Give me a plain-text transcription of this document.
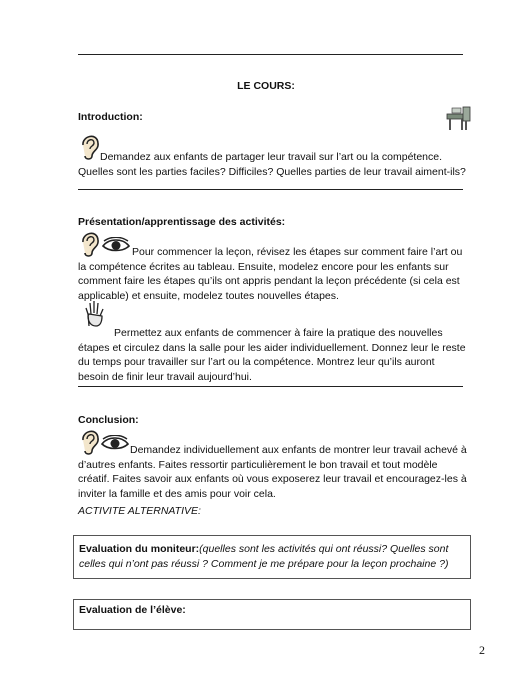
LE COURS:
Introduction:
Demandez aux enfants de partager leur travail sur l’art ou la compétence. Quelles sont les parties faciles? Difficiles? Quelles parties de leur travail aiment-ils?
Présentation/apprentissage des activités:
Pour commencer la leçon, révisez les étapes sur comment faire l’art ou la compétence écrites au tableau. Ensuite, modelez encore pour les enfants sur comment faire les étapes qu’ils ont appris pendant la leçon précédente (si cela est applicable) et ensuite, modelez toutes nouvelles étapes.
Permettez aux enfants de commencer à faire la pratique des nouvelles étapes et circulez dans la salle pour les aider individuellement. Donnez leur le reste du temps pour travailler sur l’art ou la compétence. Montrez leur qu’ils auront besoin de finir leur travail aujourd’hui.
Conclusion:
Demandez individuellement aux enfants de montrer leur travail achevé à d’autres enfants. Faites ressortir particulièrement le bon travail et tout modèle créatif. Faites savoir aux enfants où vous exposerez leur travail et encouragez-les à inviter la famille et des amis pour voir cela.
ACTIVITE ALTERNATIVE:
Evaluation du moniteur:(quelles sont les activités qui ont réussi? Quelles sont celles qui n’ont pas réussi ? Comment je me prépare pour la leçon prochaine ?)
Evaluation de l’élève:
2
